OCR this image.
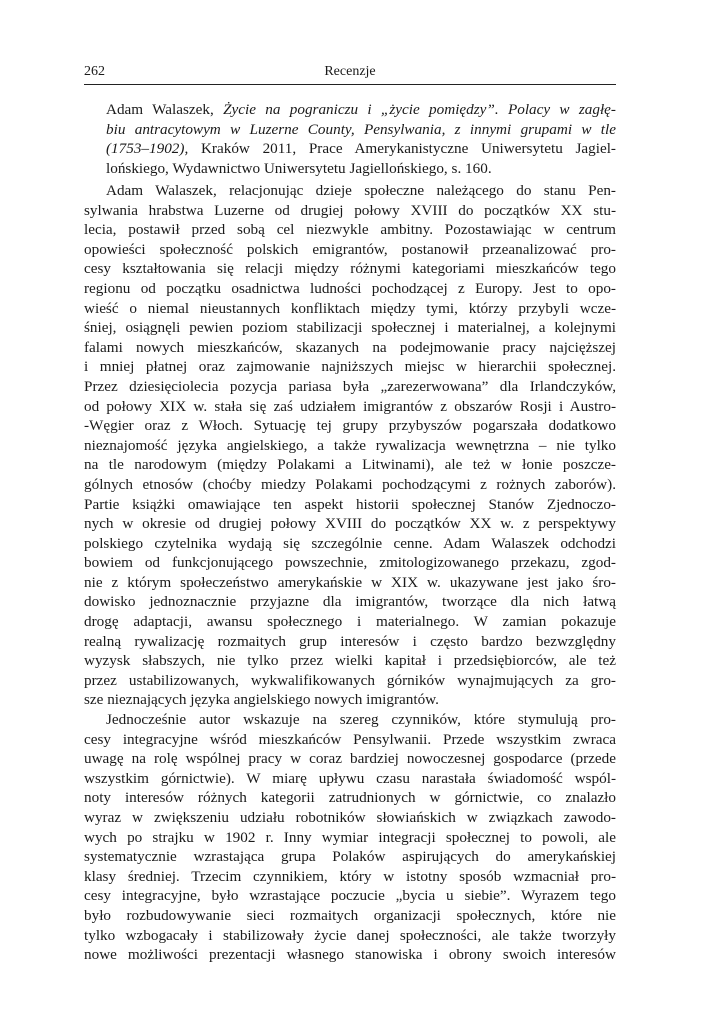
262	Recenzje
Adam Walaszek, Życie na pograniczu i „życie pomiędzy”. Polacy w zagłę-
biu antracytowym w Luzerne County, Pensylwania, z innymi grupami w tle
(1753–1902), Kraków 2011, Prace Amerykanistyczne Uniwersytetu Jagiel-
lońskiego, Wydawnictwo Uniwersytetu Jagiellońskiego, s. 160.

Adam Walaszek, relacjonując dzieje społeczne należącego do stanu Pen-
sylwania hrabstwa Luzerne od drugiej połowy XVIII do początków XX stu-
lecia, postawił przed sobą cel niezwykle ambitny. Pozostawiając w centrum
opowieści społeczność polskich emigrantów, postanowił przeanalizować pro-
cesy kształtowania się relacji między różnymi kategoriami mieszkańców tego
regionu od początku osadnictwa ludności pochodzącej z Europy. Jest to opo-
wieść o niemal nieustannych konfliktach między tymi, którzy przybyli wcze-
śniej, osiągnęli pewien poziom stabilizacji społecznej i materialnej, a kolejnymi
falami nowych mieszkańców, skazanych na podejmowanie pracy najcięższej
i mniej płatnej oraz zajmowanie najniższych miejsc w hierarchii społecznej.
Przez dziesięciolecia pozycja pariasa była „zarezerwowana” dla Irlandczyków,
od połowy XIX w. stała się zaś udziałem imigrantów z obszarów Rosji i Austro-
-Węgier oraz z Włoch. Sytuację tej grupy przybyszów pogarszała dodatkowo
nieznajomość języka angielskiego, a także rywalizacja wewnętrzna – nie tylko
na tle narodowym (między Polakami a Litwinami), ale też w łonie poszcze-
gólnych etnosów (choćby miedzy Polakami pochodzącymi z rożnych zaborów).
Partie książki omawiające ten aspekt historii społecznej Stanów Zjednoczo-
nych w okresie od drugiej połowy XVIII do początków XX w. z perspektywy
polskiego czytelnika wydają się szczególnie cenne. Adam Walaszek odchodzi
bowiem od funkcjonującego powszechnie, zmitologizowanego przekazu, zgod-
nie z którym społeczeństwo amerykańskie w XIX w. ukazywane jest jako śro-
dowisko jednoznacznie przyjazne dla imigrantów, tworzące dla nich łatwą
drogę adaptacji, awansu społecznego i materialnego. W zamian pokazuje
realną rywalizację rozmaitych grup interesów i często bardzo bezwzględny
wyzysk słabszych, nie tylko przez wielki kapitał i przedsiębiorców, ale też
przez ustabilizowanych, wykwalifikowanych górników wynajmujących za gro-
sze nieznających języka angielskiego nowych imigrantów.

Jednocześnie autor wskazuje na szereg czynników, które stymulują pro-
cesy integracyjne wśród mieszkańców Pensylwanii. Przede wszystkim zwraca
uwagę na rolę wspólnej pracy w coraz bardziej nowoczesnej gospodarce (przede
wszystkim górnictwie). W miarę upływu czasu narastała świadomość wspól-
noty interesów różnych kategorii zatrudnionych w górnictwie, co znalazło
wyraz w zwiększeniu udziału robotników słowiańskich w związkach zawodo-
wych po strajku w 1902 r. Inny wymiar integracji społecznej to powoli, ale
systematycznie wzrastająca grupa Polaków aspirujących do amerykańskiej
klasy średniej. Trzecim czynnikiem, który w istotny sposób wzmacniał pro-
cesy integracyjne, było wzrastające poczucie „bycia u siebie”. Wyrazem tego
było rozbudowywanie sieci rozmaitych organizacji społecznych, które nie
tylko wzbogacały i stabilizowały życie danej społeczności, ale także tworzyły
nowe możliwości prezentacji własnego stanowiska i obrony swoich interesów
